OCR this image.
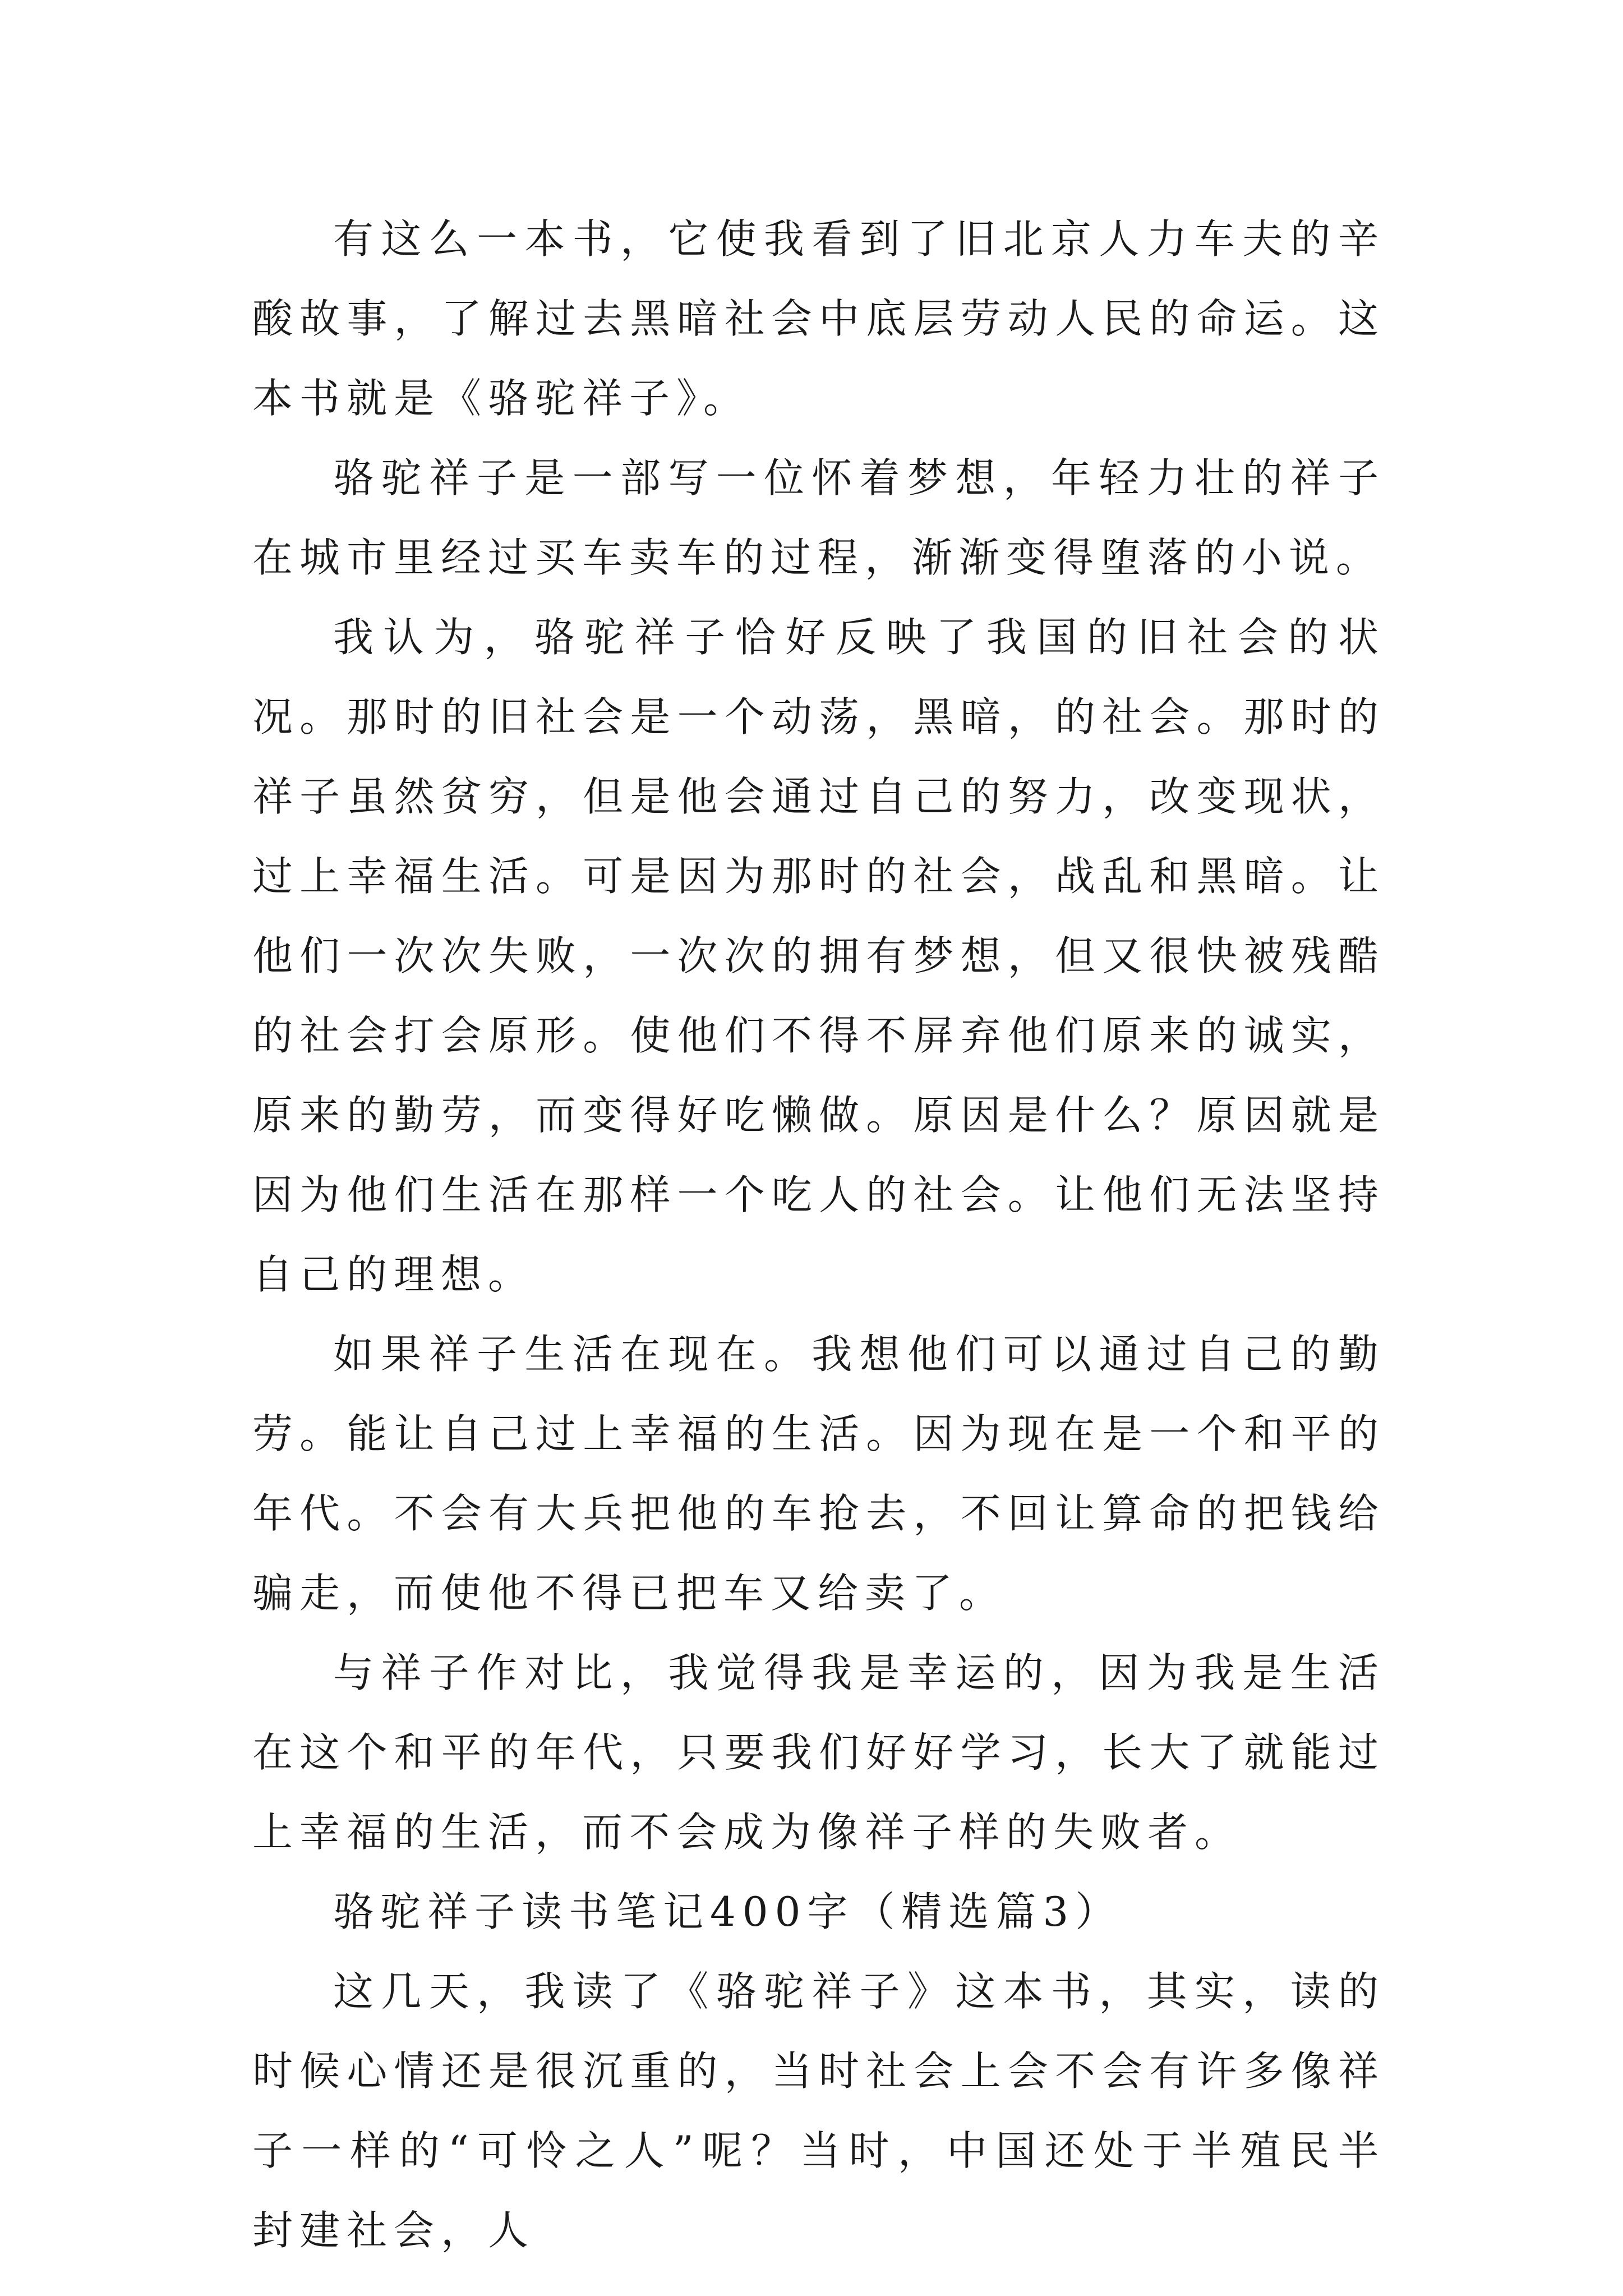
有这么一本书，它使我看到了旧北京人力车夫的辛酸故事，了解过去黑暗社会中底层劳动人民的命运。这本书就是《骆驼祥子》。

骆驼祥子是一部写一位怀着梦想，年轻力壮的祥子在城市里经过买车卖车的过程，渐渐变得堕落的小说。

我认为，骆驼祥子恰好反映了我国的旧社会的状况。那时的旧社会是一个动荡，黑暗，的社会。那时的祥子虽然贫穷，但是他会通过自己的努力，改变现状，过上幸福生活。可是因为那时的社会，战乱和黑暗。让他们一次次失败，一次次的拥有梦想，但又很快被残酷的社会打会原形。使他们不得不屏弃他们原来的诚实，原来的勤劳，而变得好吃懒做。原因是什么？原因就是因为他们生活在那样一个吃人的社会。让他们无法坚持自己的理想。

如果祥子生活在现在。我想他们可以通过自己的勤劳。能让自己过上幸福的生活。因为现在是一个和平的年代。不会有大兵把他的车抢去，不回让算命的把钱给骗走，而使他不得已把车又给卖了。

与祥子作对比，我觉得我是幸运的，因为我是生活在这个和平的年代，只要我们好好学习，长大了就能过上幸福的生活，而不会成为像祥子样的失败者。

骆驼祥子读书笔记400字（精选篇3）

这几天，我读了《骆驼祥子》这本书，其实，读的时候心情还是很沉重的，当时社会上会不会有许多像祥子一样的“可怜之人”呢？当时，中国还处于半殖民半封建社会，人
